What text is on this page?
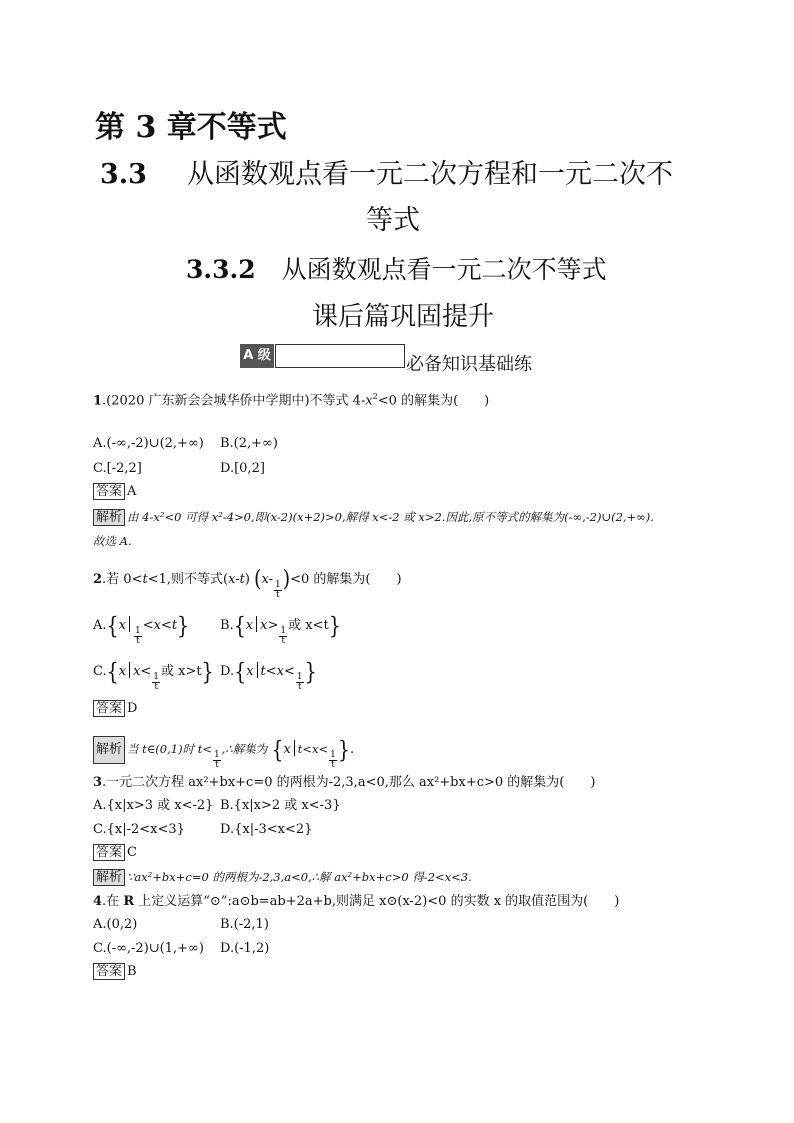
第 3 章不等式
3.3 从函数观点看一元二次方程和一元二次不
等式
3.3.2 从函数观点看一元二次不等式
课后篇巩固提升
A 级	必备知识基础练
1.(2020 广东新会会城华侨中学期中)不等式 $4-x^2<0$ 的解集为(　　)
A.(-∞,-2)∪(2,+∞) B.(2,+∞)
C.[-2,2]	D.[0,2]
答案 A
解析 由 4-x²<0 可得 x²-4>0,即(x-2)(x+2)>0,解得 x<-2 或 x>2.因此,原不等式的解集为(-∞,-2)∪(2,+∞).
故选 A.
2.若 0<t<1,则不等式(x-t) (x-
$\frac{1}{t} )<0$ 的解集为(　　)
A.{x
$\frac{1}{t}$
<x<t} B.{x x>
$\frac{1}{t}$
或 x<t}
C.{x x<
$\frac{1}{t}$
或 x>t} D.{x t<x<
$\frac{1}{t}$ }
答案 D
解析 当 t∈(0,1)时 t<
$\frac{1}{t}$
,∴解集为 {x t<x<
$\frac{1}{t}$ }.
3.一元二次方程 ax²+bx+c=0 的两根为-2,3,a<0,那么 ax²+bx+c>0 的解集为(　　)
A.{x|x>3 或 x<-2} B.{x|x>2 或 x<-3}
C.{x|-2<x<3}	D.{x|-3<x<2}
答案 C
解析 ∵ax²+bx+c=0 的两根为-2,3,a<0,∴解 ax²+bx+c>0 得-2<x<3.
4.在 R 上定义运算“⊙”:a⊙b=ab+2a+b,则满足 x⊙(x-2)<0 的实数 x 的取值范围为(　　)
A.(0,2)	B.(-2,1)
C.(-∞,-2)∪(1,+∞) D.(-1,2)
答案 B
